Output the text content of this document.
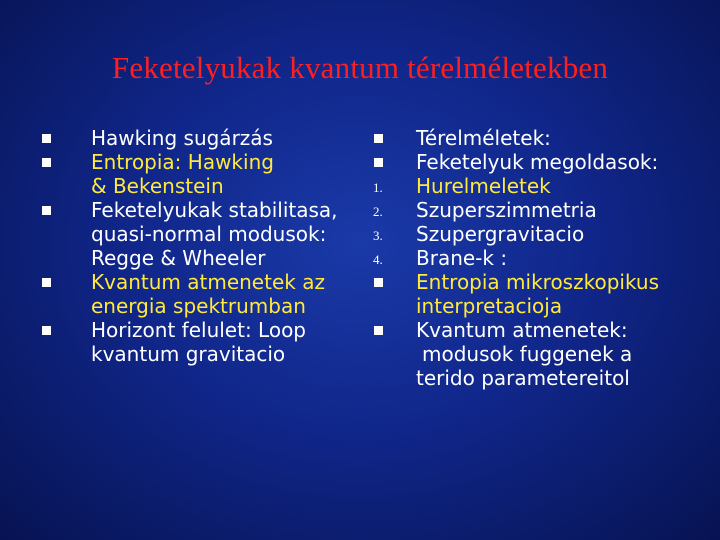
Feketelyukak kvantum térelméletekben
Hawking sugárzás
Entropia: Hawking
& Bekenstein
Feketelyukak stabilitasa,
quasi-normal modusok:
Regge & Wheeler
Kvantum atmenetek az
energia spektrumban
Horizont felulet: Loop
kvantum gravitacio
Térelméletek:
Feketelyuk megoldasok:
1. Hurelmeletek
2. Szuperszimmetria
3. Szupergravitacio
4. Brane-k :
Entropia mikroszkopikus
interpretacioja
Kvantum atmenetek:
modusok fuggenek a
terido parametereitol
